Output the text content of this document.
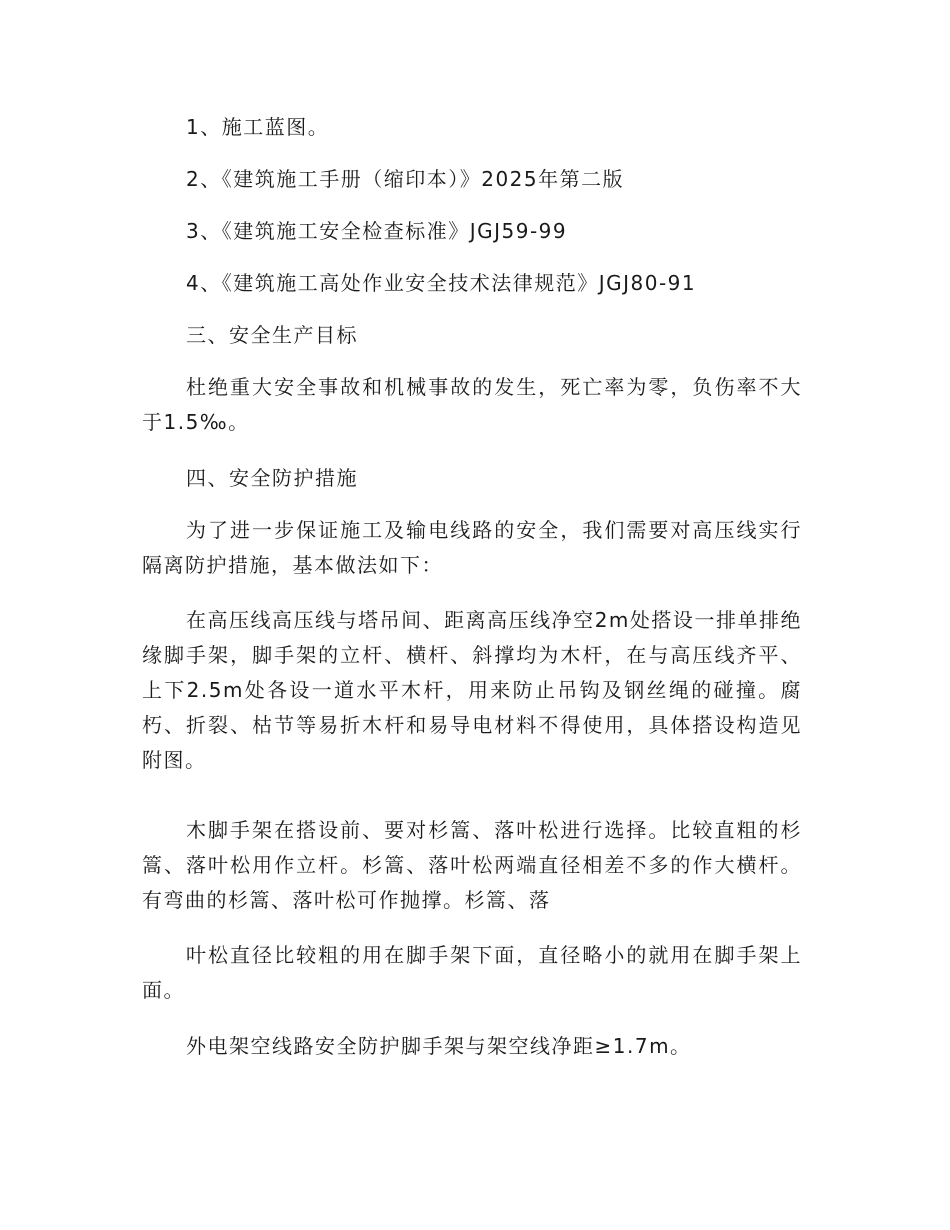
1、施工蓝图。

2、《建筑施工手册（缩印本）》2025年第二版

3、《建筑施工安全检查标准》JGJ59-99

4、《建筑施工高处作业安全技术法律规范》JGJ80-91

三、安全生产目标

杜绝重大安全事故和机械事故的发生，死亡率为零，负伤率不大于1.5‰。

四、安全防护措施

为了进一步保证施工及输电线路的安全，我们需要对高压线实行隔离防护措施，基本做法如下：

在高压线高压线与塔吊间、距离高压线净空2m处搭设一排单排绝缘脚手架，脚手架的立杆、横杆、斜撑均为木杆，在与高压线齐平、上下2.5m处各设一道水平木杆，用来防止吊钩及钢丝绳的碰撞。腐朽、折裂、枯节等易折木杆和易导电材料不得使用，具体搭设构造见附图。

木脚手架在搭设前、要对杉篙、落叶松进行选择。比较直粗的杉篙、落叶松用作立杆。杉篙、落叶松两端直径相差不多的作大横杆。有弯曲的杉篙、落叶松可作抛撑。杉篙、落

叶松直径比较粗的用在脚手架下面，直径略小的就用在脚手架上面。

外电架空线路安全防护脚手架与架空线净距≥1.7m。
